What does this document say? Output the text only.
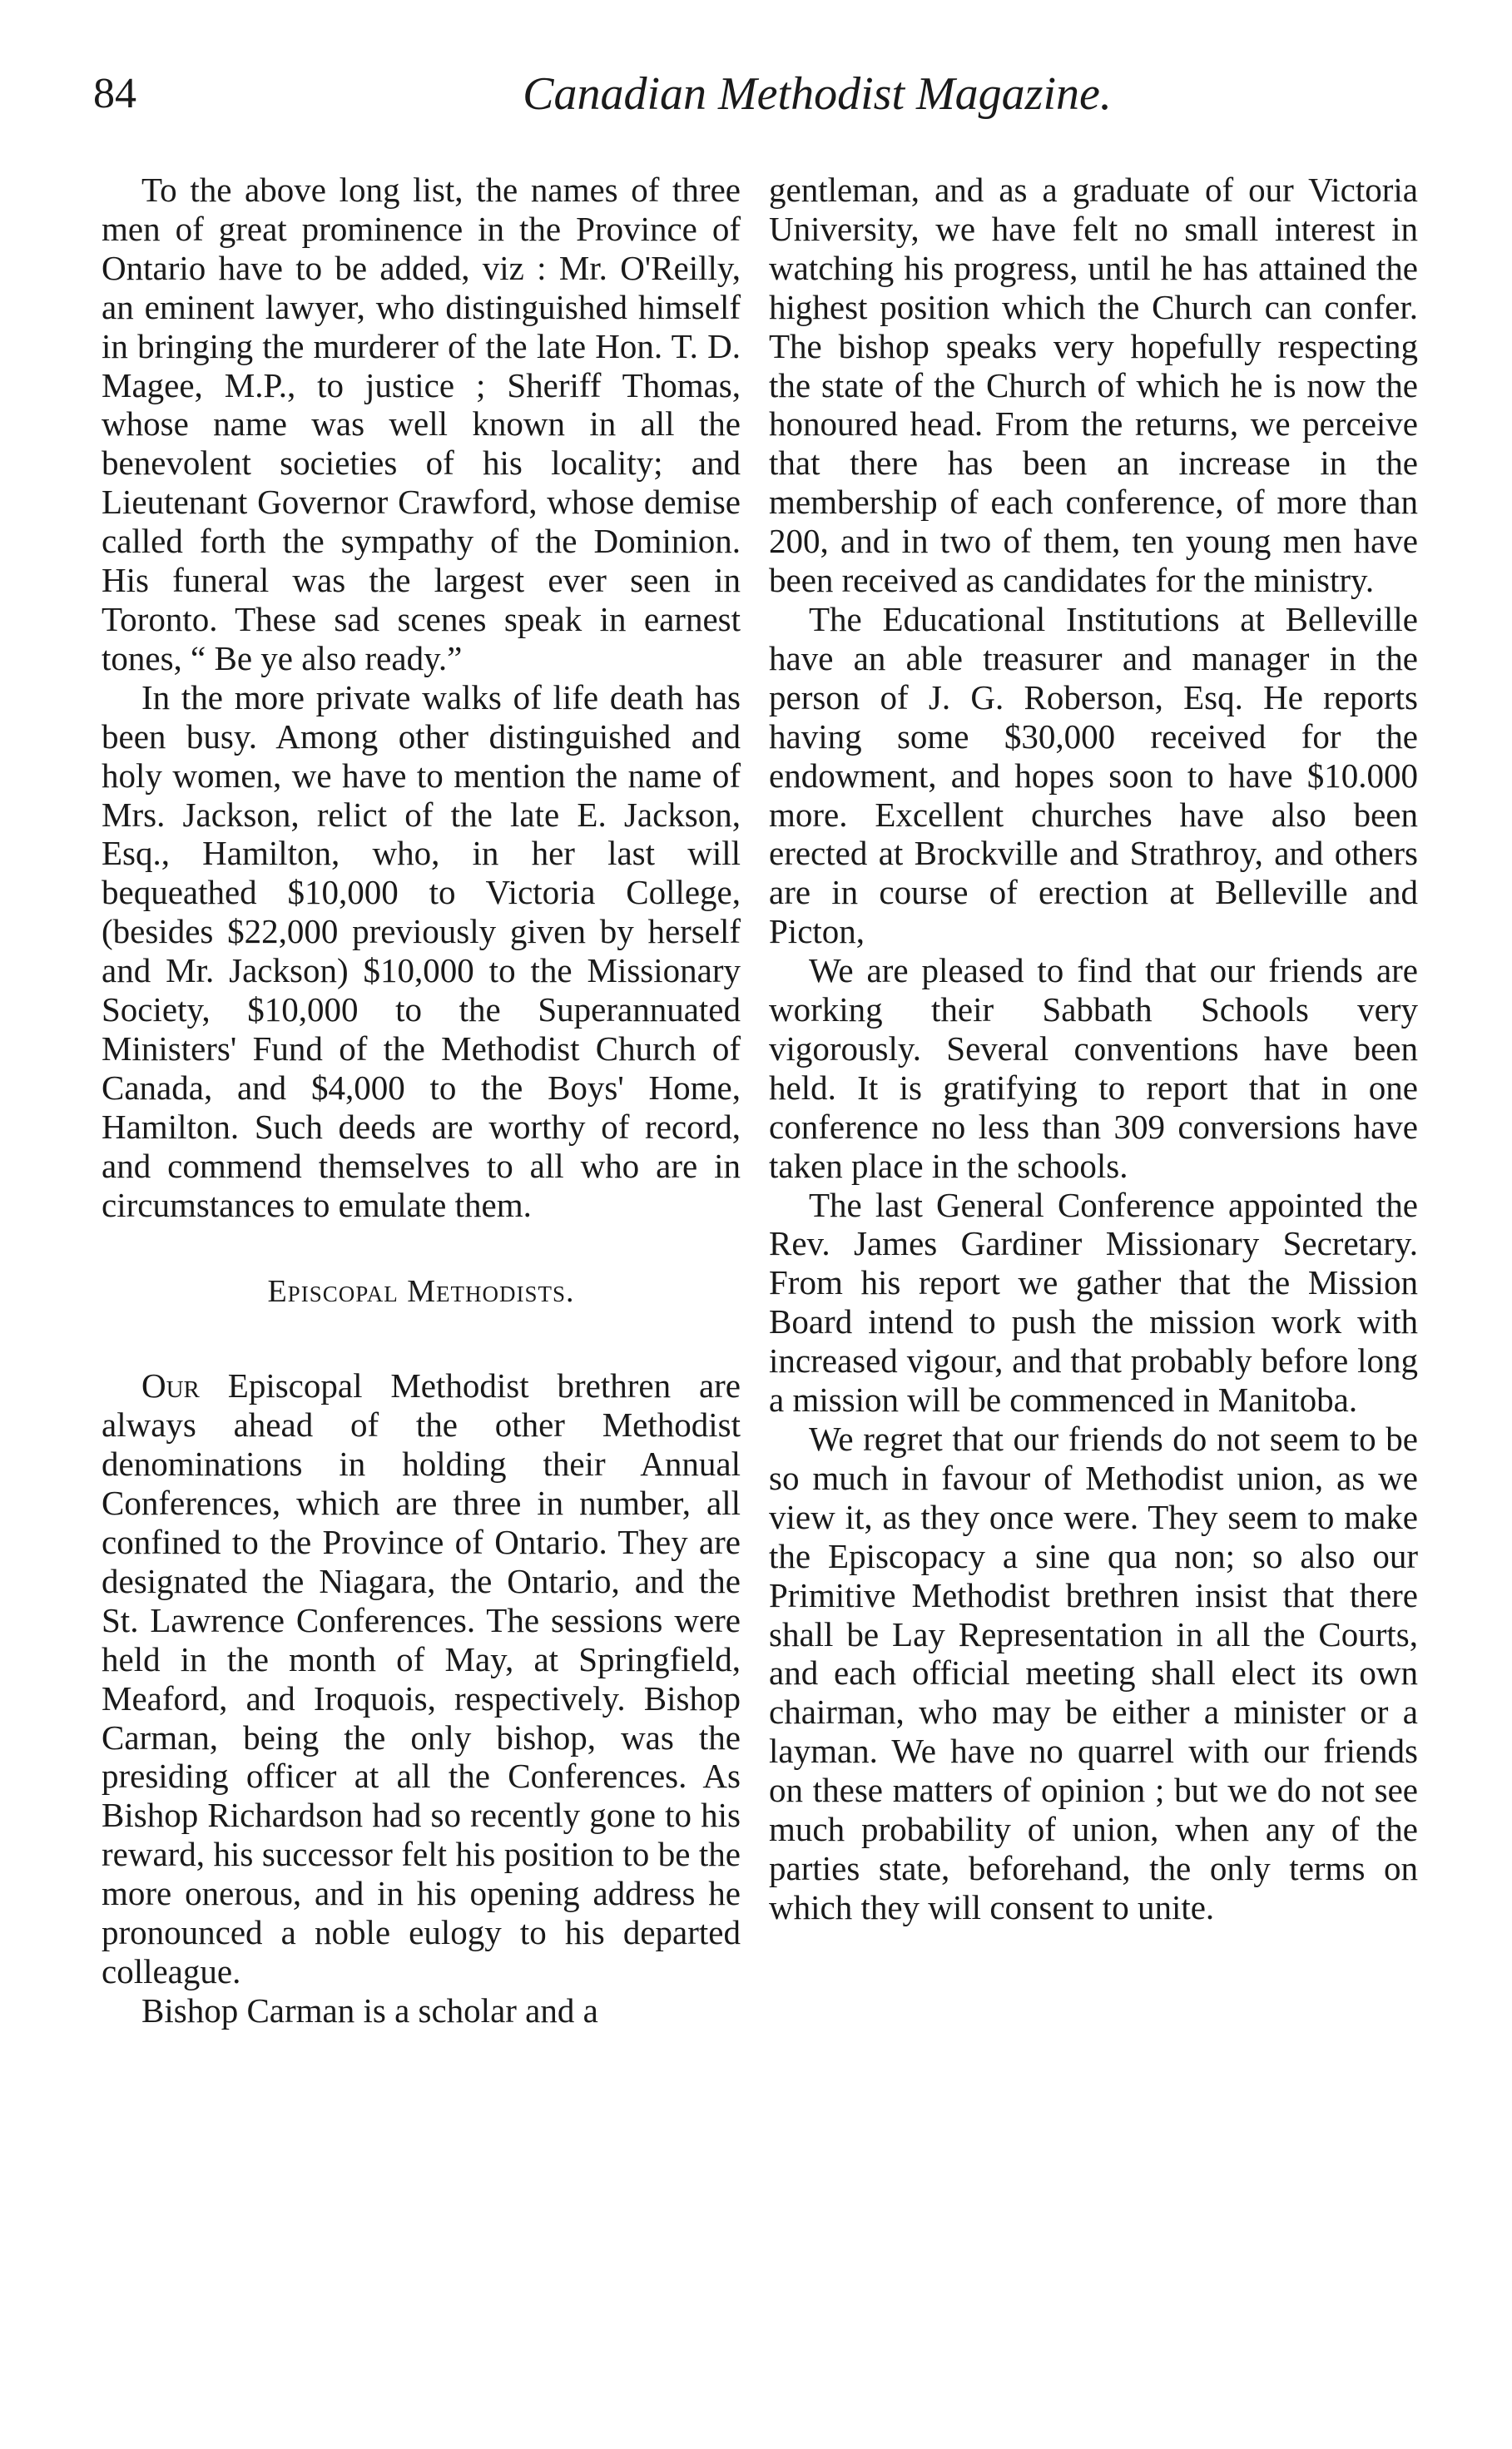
84	Canadian Methodist Magazine.

To the above long list, the names of three men of great prominence in the Province of Ontario have to be added, viz : Mr. O'Reilly, an eminent lawyer, who distinguished himself in bringing the murderer of the late Hon. T. D. Magee, M.P., to justice ; Sheriff Thomas, whose name was well known in all the benevolent societies of his locality; and Lieutenant Governor Crawford, whose demise called forth the sympathy of the Dominion. His funeral was the largest ever seen in Toronto. These sad scenes speak in earnest tones, “ Be ye also ready.”

In the more private walks of life death has been busy. Among other distinguished and holy women, we have to mention the name of Mrs. Jackson, relict of the late E. Jackson, Esq., Hamilton, who, in her last will bequeathed $10,000 to Victoria College, (besides $22,000 previously given by herself and Mr. Jackson) $10,000 to the Missionary Society, $10,000 to the Superannuated Ministers' Fund of the Methodist Church of Canada, and $4,000 to the Boys' Home, Hamilton. Such deeds are worthy of record, and commend themselves to all who are in circumstances to emulate them.

Episcopal Methodists.

Our Episcopal Methodist brethren are always ahead of the other Methodist denominations in holding their Annual Conferences, which are three in number, all confined to the Province of Ontario. They are designated the Niagara, the Ontario, and the St. Lawrence Conferences. The sessions were held in the month of May, at Springfield, Meaford, and Iroquois, respectively. Bishop Carman, being the only bishop, was the presiding officer at all the Conferences. As Bishop Richardson had so recently gone to his reward, his successor felt his position to be the more onerous, and in his opening address he pronounced a noble eulogy to his departed colleague.

Bishop Carman is a scholar and a

gentleman, and as a graduate of our Victoria University, we have felt no small interest in watching his progress, until he has attained the highest position which the Church can confer. The bishop speaks very hopefully respecting the state of the Church of which he is now the honoured head. From the returns, we perceive that there has been an increase in the membership of each conference, of more than 200, and in two of them, ten young men have been received as candidates for the ministry.

The Educational Institutions at Belleville have an able treasurer and manager in the person of J. G. Roberson, Esq. He reports having some $30,000 received for the endowment, and hopes soon to have $10.000 more. Excellent churches have also been erected at Brockville and Strathroy, and others are in course of erection at Belleville and Picton,

We are pleased to find that our friends are working their Sabbath Schools very vigorously. Several conventions have been held. It is gratifying to report that in one conference no less than 309 conversions have taken place in the schools.

The last General Conference appointed the Rev. James Gardiner Missionary Secretary. From his report we gather that the Mission Board intend to push the mission work with increased vigour, and that probably before long a mission will be commenced in Manitoba.

We regret that our friends do not seem to be so much in favour of Methodist union, as we view it, as they once were. They seem to make the Episcopacy a sine qua non; so also our Primitive Methodist brethren insist that there shall be Lay Representation in all the Courts, and each official meeting shall elect its own chairman, who may be either a minister or a layman. We have no quarrel with our friends on these matters of opinion ; but we do not see much probability of union, when any of the parties state, beforehand, the only terms on which they will consent to unite.
